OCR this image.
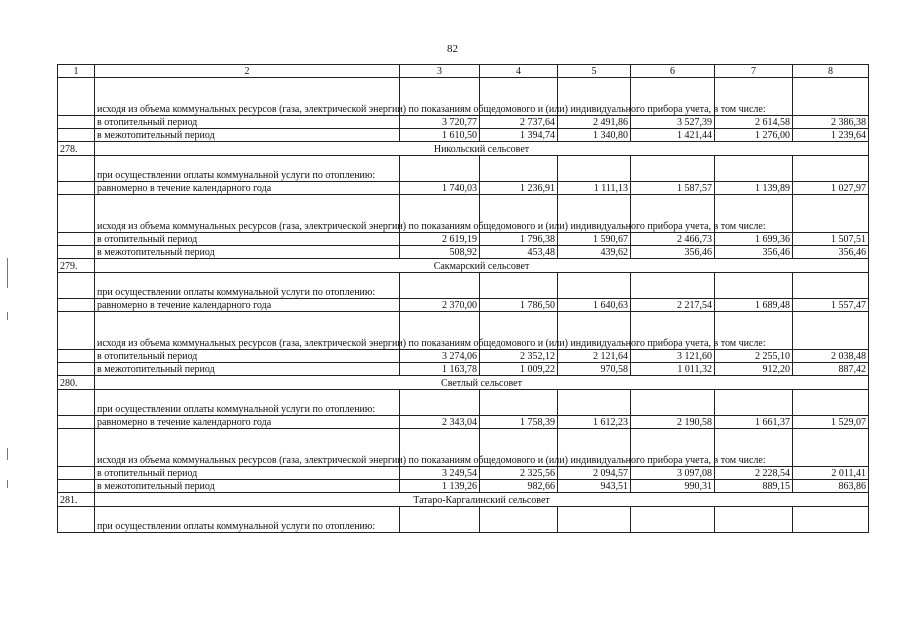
82
1	2	3	4	5	6	7	8
	исходя из объема коммунальных ресурсов (газа, электрической энергии) по показаниям общедомового и (или) индивидуального прибора учета, в том числе:						
	в отопительный период	3 720,77	2 737,64	2 491,86	3 527,39	2 614,58	2 386,38
	в межотопительный период	1 610,50	1 394,74	1 340,80	1 421,44	1 276,00	1 239,64
278.	Никольский сельсовет						
	при осуществлении оплаты коммунальной услуги по отоплению:						
	равномерно в течение календарного года	1 740,03	1 236,91	1 111,13	1 587,57	1 139,89	1 027,97
	исходя из объема коммунальных ресурсов (газа, электрической энергии) по показаниям общедомового и (или) индивидуального прибора учета, в том числе:						
	в отопительный период	2 619,19	1 796,38	1 590,67	2 466,73	1 699,36	1 507,51
	в межотопительный период	508,92	453,48	439,62	356,46	356,46	356,46
279.	Сакмарский сельсовет						
	при осуществлении оплаты коммунальной услуги по отоплению:						
	равномерно в течение календарного года	2 370,00	1 786,50	1 640,63	2 217,54	1 689,48	1 557,47
	исходя из объема коммунальных ресурсов (газа, электрической энергии) по показаниям общедомового и (или) индивидуального прибора учета, в том числе:						
	в отопительный период	3 274,06	2 352,12	2 121,64	3 121,60	2 255,10	2 038,48
	в межотопительный период	1 163,78	1 009,22	970,58	1 011,32	912,20	887,42
280.	Светлый сельсовет						
	при осуществлении оплаты коммунальной услуги по отоплению:						
	равномерно в течение календарного года	2 343,04	1 758,39	1 612,23	2 190,58	1 661,37	1 529,07
	исходя из объема коммунальных ресурсов (газа, электрической энергии) по показаниям общедомового и (или) индивидуального прибора учета, в том числе:						
	в отопительный период	3 249,54	2 325,56	2 094,57	3 097,08	2 228,54	2 011,41
	в межотопительный период	1 139,26	982,66	943,51	990,31	889,15	863,86
281.	Татаро-Каргалинский сельсовет						
	при осуществлении оплаты коммунальной услуги по отоплению:						
